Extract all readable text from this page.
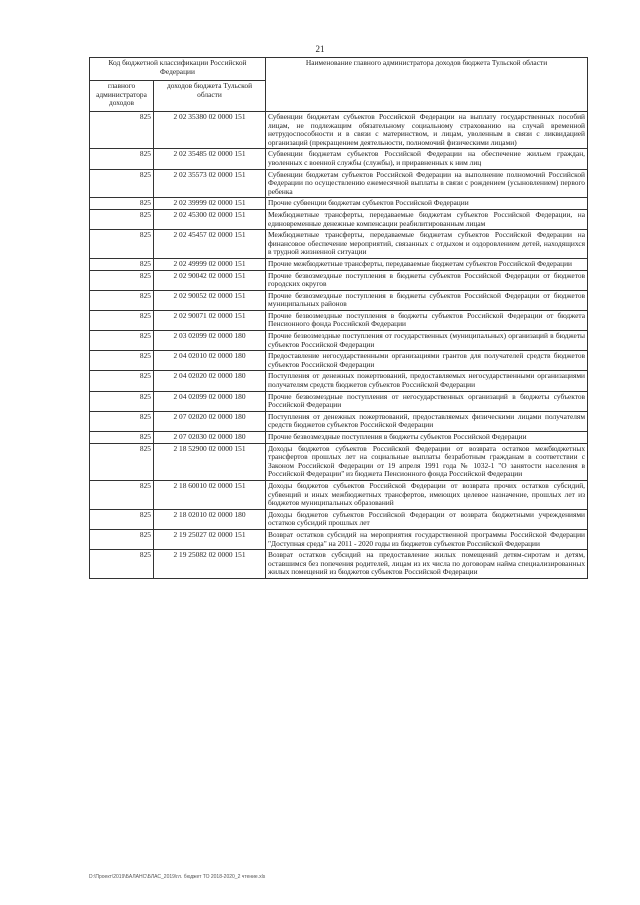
21
Код бюджетной классификации Российской Федерации		Наименование главного администратора доходов бюджета Тульской области
главного администратора доходов	доходов бюджета Тульской области	
825	2 02 35380 02 0000 151	Субвенции бюджетам субъектов Российской Федерации на выплату государственных пособий лицам, не подлежащим обязательному социальному страхованию на случай временной нетрудоспособности и в связи с материнством, и лицам, уволенным в связи с ликвидацией организаций (прекращением деятельности, полномочий физическими лицами)
825	2 02 35485 02 0000 151	Субвенции бюджетам субъектов Российской Федерации на обеспечение жильем граждан, уволенных с военной службы (службы), и приравненных к ним лиц
825	2 02 35573 02 0000 151	Субвенции бюджетам субъектов Российской Федерации на выполнение полномочий Российской Федерации по осуществлению ежемесячной выплаты в связи с рождением (усыновлением) первого ребенка
825	2 02 39999 02 0000 151	Прочие субвенции бюджетам субъектов Российской Федерации
825	2 02 45300 02 0000 151	Межбюджетные трансферты, передаваемые бюджетам субъектов Российской Федерации, на единовременные денежные компенсации реабилитированным лицам
825	2 02 45457 02 0000 151	Межбюджетные трансферты, передаваемые бюджетам субъектов Российской Федерации на финансовое обеспечение мероприятий, связанных с отдыхом и оздоровлением детей, находящихся в трудной жизненной ситуации
825	2 02 49999 02 0000 151	Прочие межбюджетные трансферты, передаваемые бюджетам субъектов Российской Федерации
825	2 02 90042 02 0000 151	Прочие безвозмездные поступления в бюджеты субъектов Российской Федерации от бюджетов городских округов
825	2 02 90052 02 0000 151	Прочие безвозмездные поступления в бюджеты субъектов Российской Федерации от бюджетов муниципальных районов
825	2 02 90071 02 0000 151	Прочие безвозмездные поступления в бюджеты субъектов Российской Федерации от бюджета Пенсионного фонда Российской Федерации
825	2 03 02099 02 0000 180	Прочие безвозмездные поступления от государственных (муниципальных) организаций в бюджеты субъектов Российской Федерации
825	2 04 02010 02 0000 180	Предоставление негосударственными организациями грантов для получателей средств бюджетов субъектов Российской Федерации
825	2 04 02020 02 0000 180	Поступления от денежных пожертвований, предоставляемых негосударственными организациями получателям средств бюджетов субъектов Российской Федерации
825	2 04 02099 02 0000 180	Прочие безвозмездные поступления от негосударственных организаций в бюджеты субъектов Российской Федерации
825	2 07 02020 02 0000 180	Поступления от денежных пожертвований, предоставляемых физическими лицами получателям средств бюджетов субъектов Российской Федерации
825	2 07 02030 02 0000 180	Прочие безвозмездные поступления в бюджеты субъектов Российской Федерации
825	2 18 52900 02 0000 151	Доходы бюджетов субъектов Российской Федерации от возврата остатков межбюджетных трансфертов прошлых лет на социальные выплаты безработным гражданам в соответствии с Законом Российской Федерации от 19 апреля 1991 года № 1032-1 "О занятости населения в Российской Федерации" из бюджета Пенсионного фонда Российской Федерации
825	2 18 60010 02 0000 151	Доходы бюджетов субъектов Российской Федерации от возврата прочих остатков субсидий, субвенций и иных межбюджетных трансфертов, имеющих целевое назначение, прошлых лет из бюджетов муниципальных образований
825	2 18 02010 02 0000 180	Доходы бюджетов субъектов Российской Федерации от возврата бюджетными учреждениями остатков субсидий прошлых лет
825	2 19 25027 02 0000 151	Возврат остатков субсидий на мероприятия государственной программы Российской Федерации "Доступная среда" на 2011 - 2020 годы из бюджетов субъектов Российской Федерации
825	2 19 25082 02 0000 151	Возврат остатков субсидий на предоставление жилых помещений детям-сиротам и детям, оставшимся без попечения родителей, лицам из их числа по договорам найма специализированных жилых помещений из бюджетов субъектов Российской Федерации
D:\Проект\2019\БАЛАНС\БЛАС_2019\гл. бюджет ТО 2018-2020_2 чтение.xls
